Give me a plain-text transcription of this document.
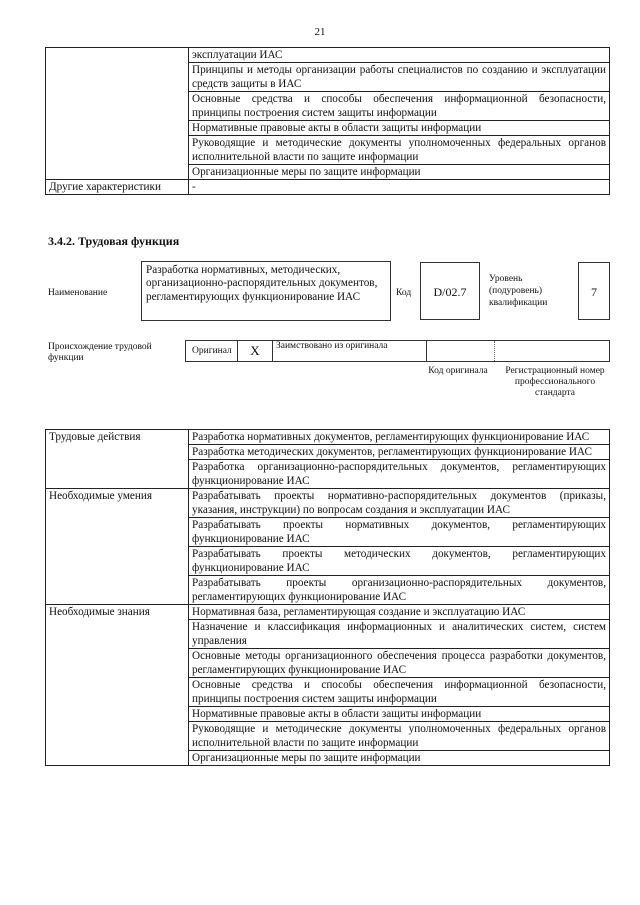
21
	эксплуатации ИАС
	Принципы и методы организации работы специалистов по созданию и эксплуатации средств защиты в ИАС
	Основные средства и способы обеспечения информационной безопасности, принципы построения систем защиты информации
	Нормативные правовые акты в области защиты информации
	Руководящие и методические документы уполномоченных федеральных органов исполнительной власти по защите информации
	Организационные меры по защите информации
Другие характеристики	-
3.4.2. Трудовая функция
Наименование
Разработка нормативных, методических, организационно-распорядительных документов, регламентирующих функционирование ИАС	Код	D/02.7
Уровень (подуровень) квалификации
7
Происхождение трудовой функции
Оригинал	X	Заимствовано из оригинала
Код оригинала	Регистрационный номер профессионального стандарта
Трудовые действия	Разработка нормативных документов, регламентирующих функционирование ИАС
	Разработка методических документов, регламентирующих функционирование ИАС
	Разработка организационно-распорядительных документов, регламентирующих функционирование ИАС
Необходимые умения	Разрабатывать проекты нормативно-распорядительных документов (приказы, указания, инструкции) по вопросам создания и эксплуатации ИАС
	Разрабатывать проекты нормативных документов, регламентирующих функционирование ИАС
	Разрабатывать проекты методических документов, регламентирующих функционирование ИАС
	Разрабатывать проекты организационно-распорядительных документов, регламентирующих функционирование ИАС
Необходимые знания	Нормативная база, регламентирующая создание и эксплуатацию ИАС
	Назначение и классификация информационных и аналитических систем, систем управления
	Основные методы организационного обеспечения процесса разработки документов, регламентирующих функционирование ИАС
	Основные средства и способы обеспечения информационной безопасности, принципы построения систем защиты информации
	Нормативные правовые акты в области защиты информации
	Руководящие и методические документы уполномоченных федеральных органов исполнительной власти по защите информации
	Организационные меры по защите информации
